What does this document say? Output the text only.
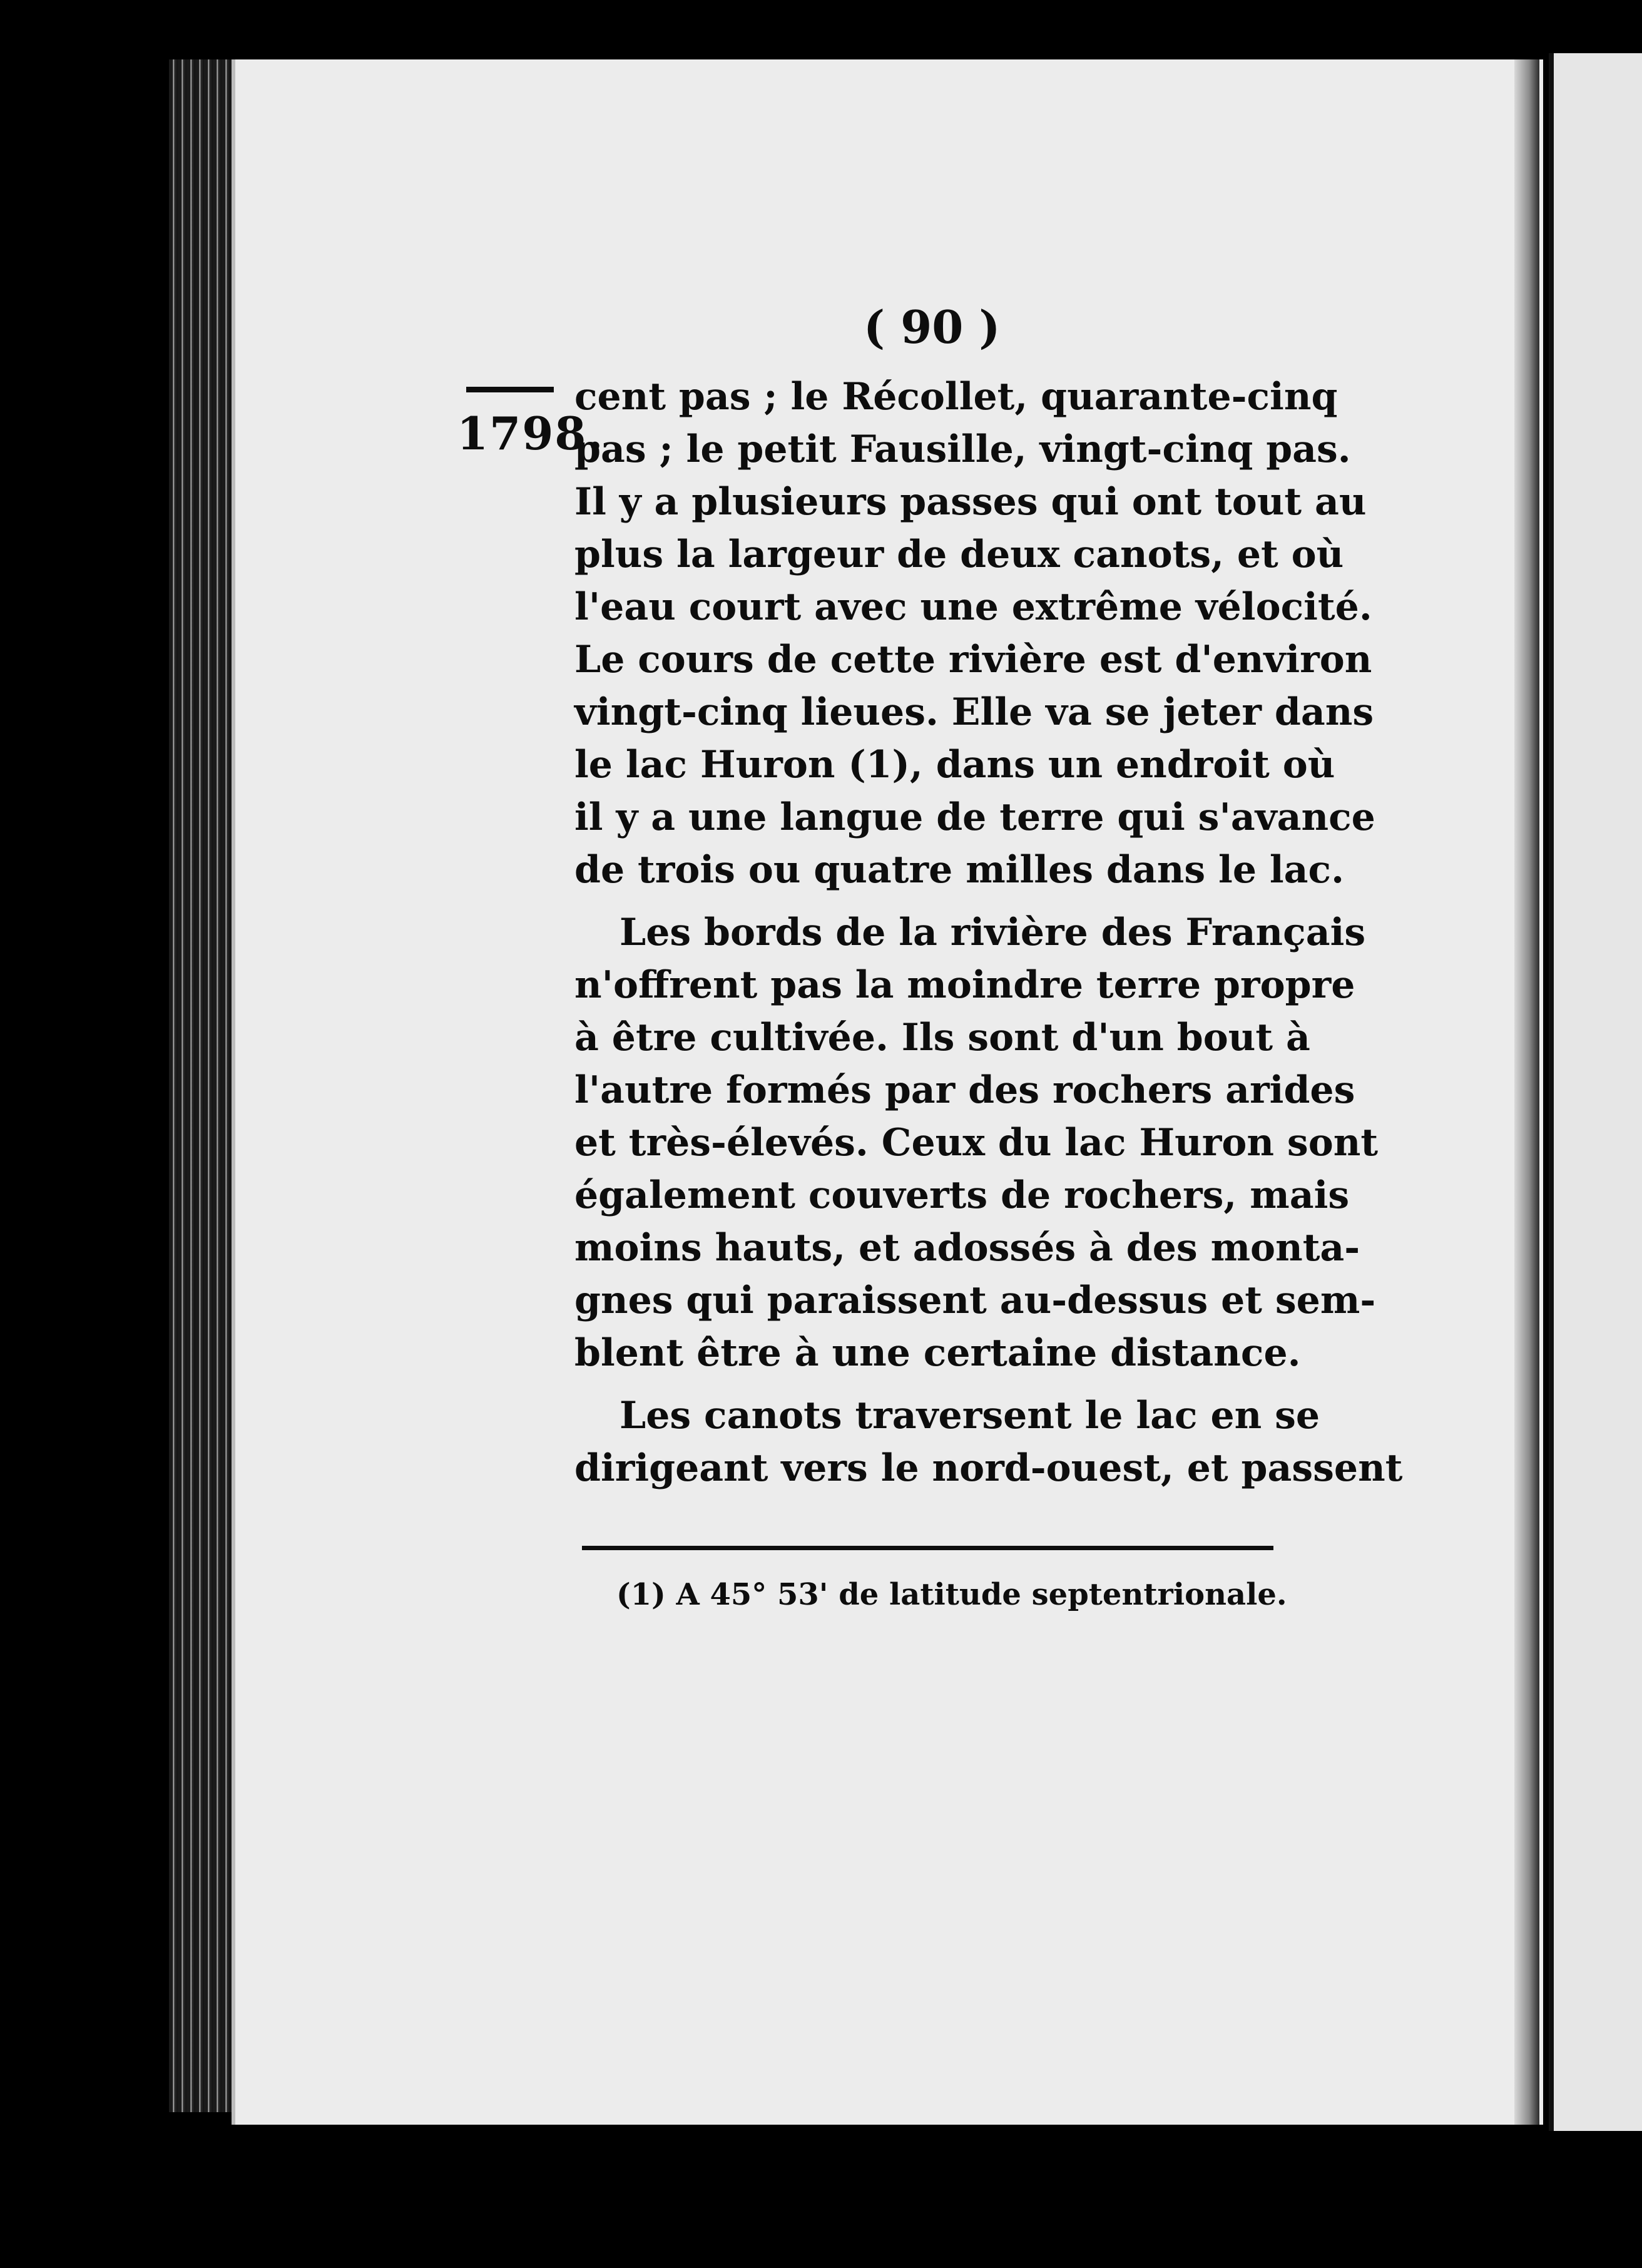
( 90 )
1798.
cent pas ; le Récollet, quarante-cinq
pas ; le petit Fausille, vingt-cinq pas.
Il y a plusieurs passes qui ont tout au
plus la largeur de deux canots, et où
l'eau court avec une extrême vélocité.
Le cours de cette rivière est d'environ
vingt-cinq lieues. Elle va se jeter dans
le lac Huron (1), dans un endroit où
il y a une langue de terre qui s'avance
de trois ou quatre milles dans le lac.
Les bords de la rivière des Français
n'offrent pas la moindre terre propre
à être cultivée. Ils sont d'un bout à
l'autre formés par des rochers arides
et très-élevés. Ceux du lac Huron sont
également couverts de rochers, mais
moins hauts, et adossés à des monta-
gnes qui paraissent au-dessus et sem-
blent être à une certaine distance.
Les canots traversent le lac en se
dirigeant vers le nord-ouest, et passent
(1) A 45° 53' de latitude septentrionale.
